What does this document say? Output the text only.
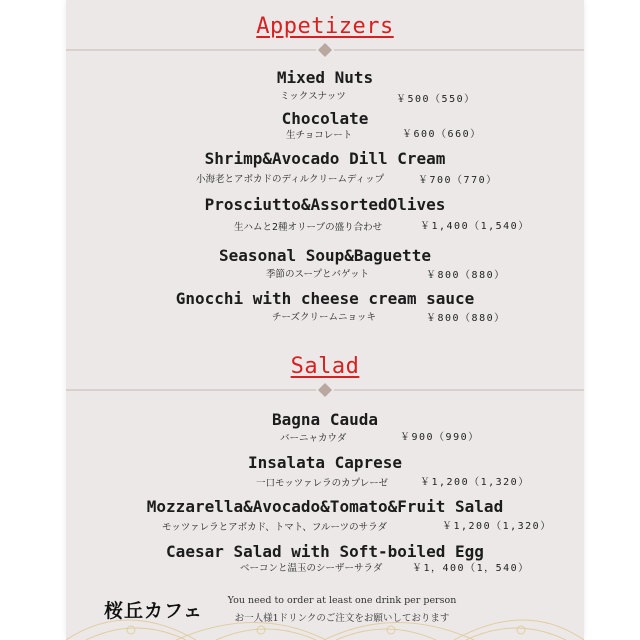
Appetizers
Mixed Nuts
ミックスナッツ	￥500（550）
Chocolate
生チョコレート	￥600（660）
Shrimp&Avocado Dill Cream
小海老とアボカドのディルクリームディップ	￥700（770）
Prosciutto&AssortedOlives
生ハムと2種オリーブの盛り合わせ	￥1,400（1,540）
Seasonal Soup&Baguette
季節のスープとバゲット	￥800（880）
Gnocchi with cheese cream sauce
チーズクリームニョッキ	￥800（880）
Salad
Bagna Cauda
バーニャカウダ	￥900（990）
Insalata Caprese
一口モッツァレラのカプレーゼ	￥1,200（1,320）
Mozzarella&Avocado&Tomato&Fruit Salad
モッツァレラとアボカド、トマト、フルーツのサラダ	￥1,200（1,320）
Caesar Salad with Soft-boiled Egg
ベーコンと温玉のシーザーサラダ	￥1，400（1，540）
桜丘カフェ	You need to order at least one drink per person
お一人様1ドリンクのご注文をお願いしております
